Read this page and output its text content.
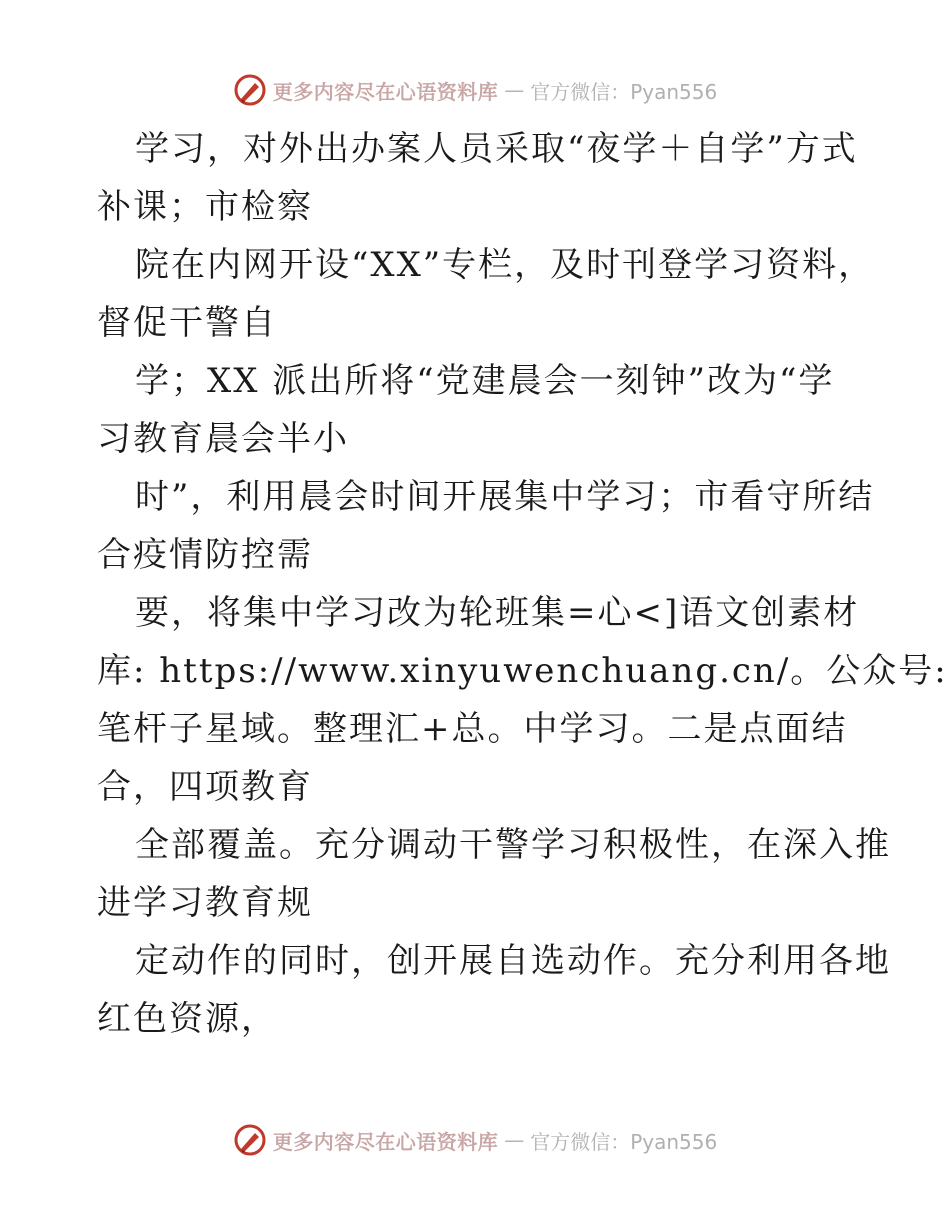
更多内容尽在心语资料库 — 官方微信：Pyan556
学习，对外出办案人员采取“夜学＋自学”方式
补课；市检察
院在内网开设“XX”专栏，及时刊登学习资料，
督促干警自
学；XX 派出所将“党建晨会一刻钟”改为“学
习教育晨会半小
时”，利用晨会时间开展集中学习；市看守所结
合疫情防控需
要，将集中学习改为轮班集=心<]语文创素材
库: https://www.xinyuwenchuang.cn/。公众号:
笔杆子星域。整理汇+总。中学习。二是点面结
合，四项教育
全部覆盖。充分调动干警学习积极性，在深入推
进学习教育规
定动作的同时，创开展自选动作。充分利用各地
红色资源，
更多内容尽在心语资料库 — 官方微信：Pyan556
